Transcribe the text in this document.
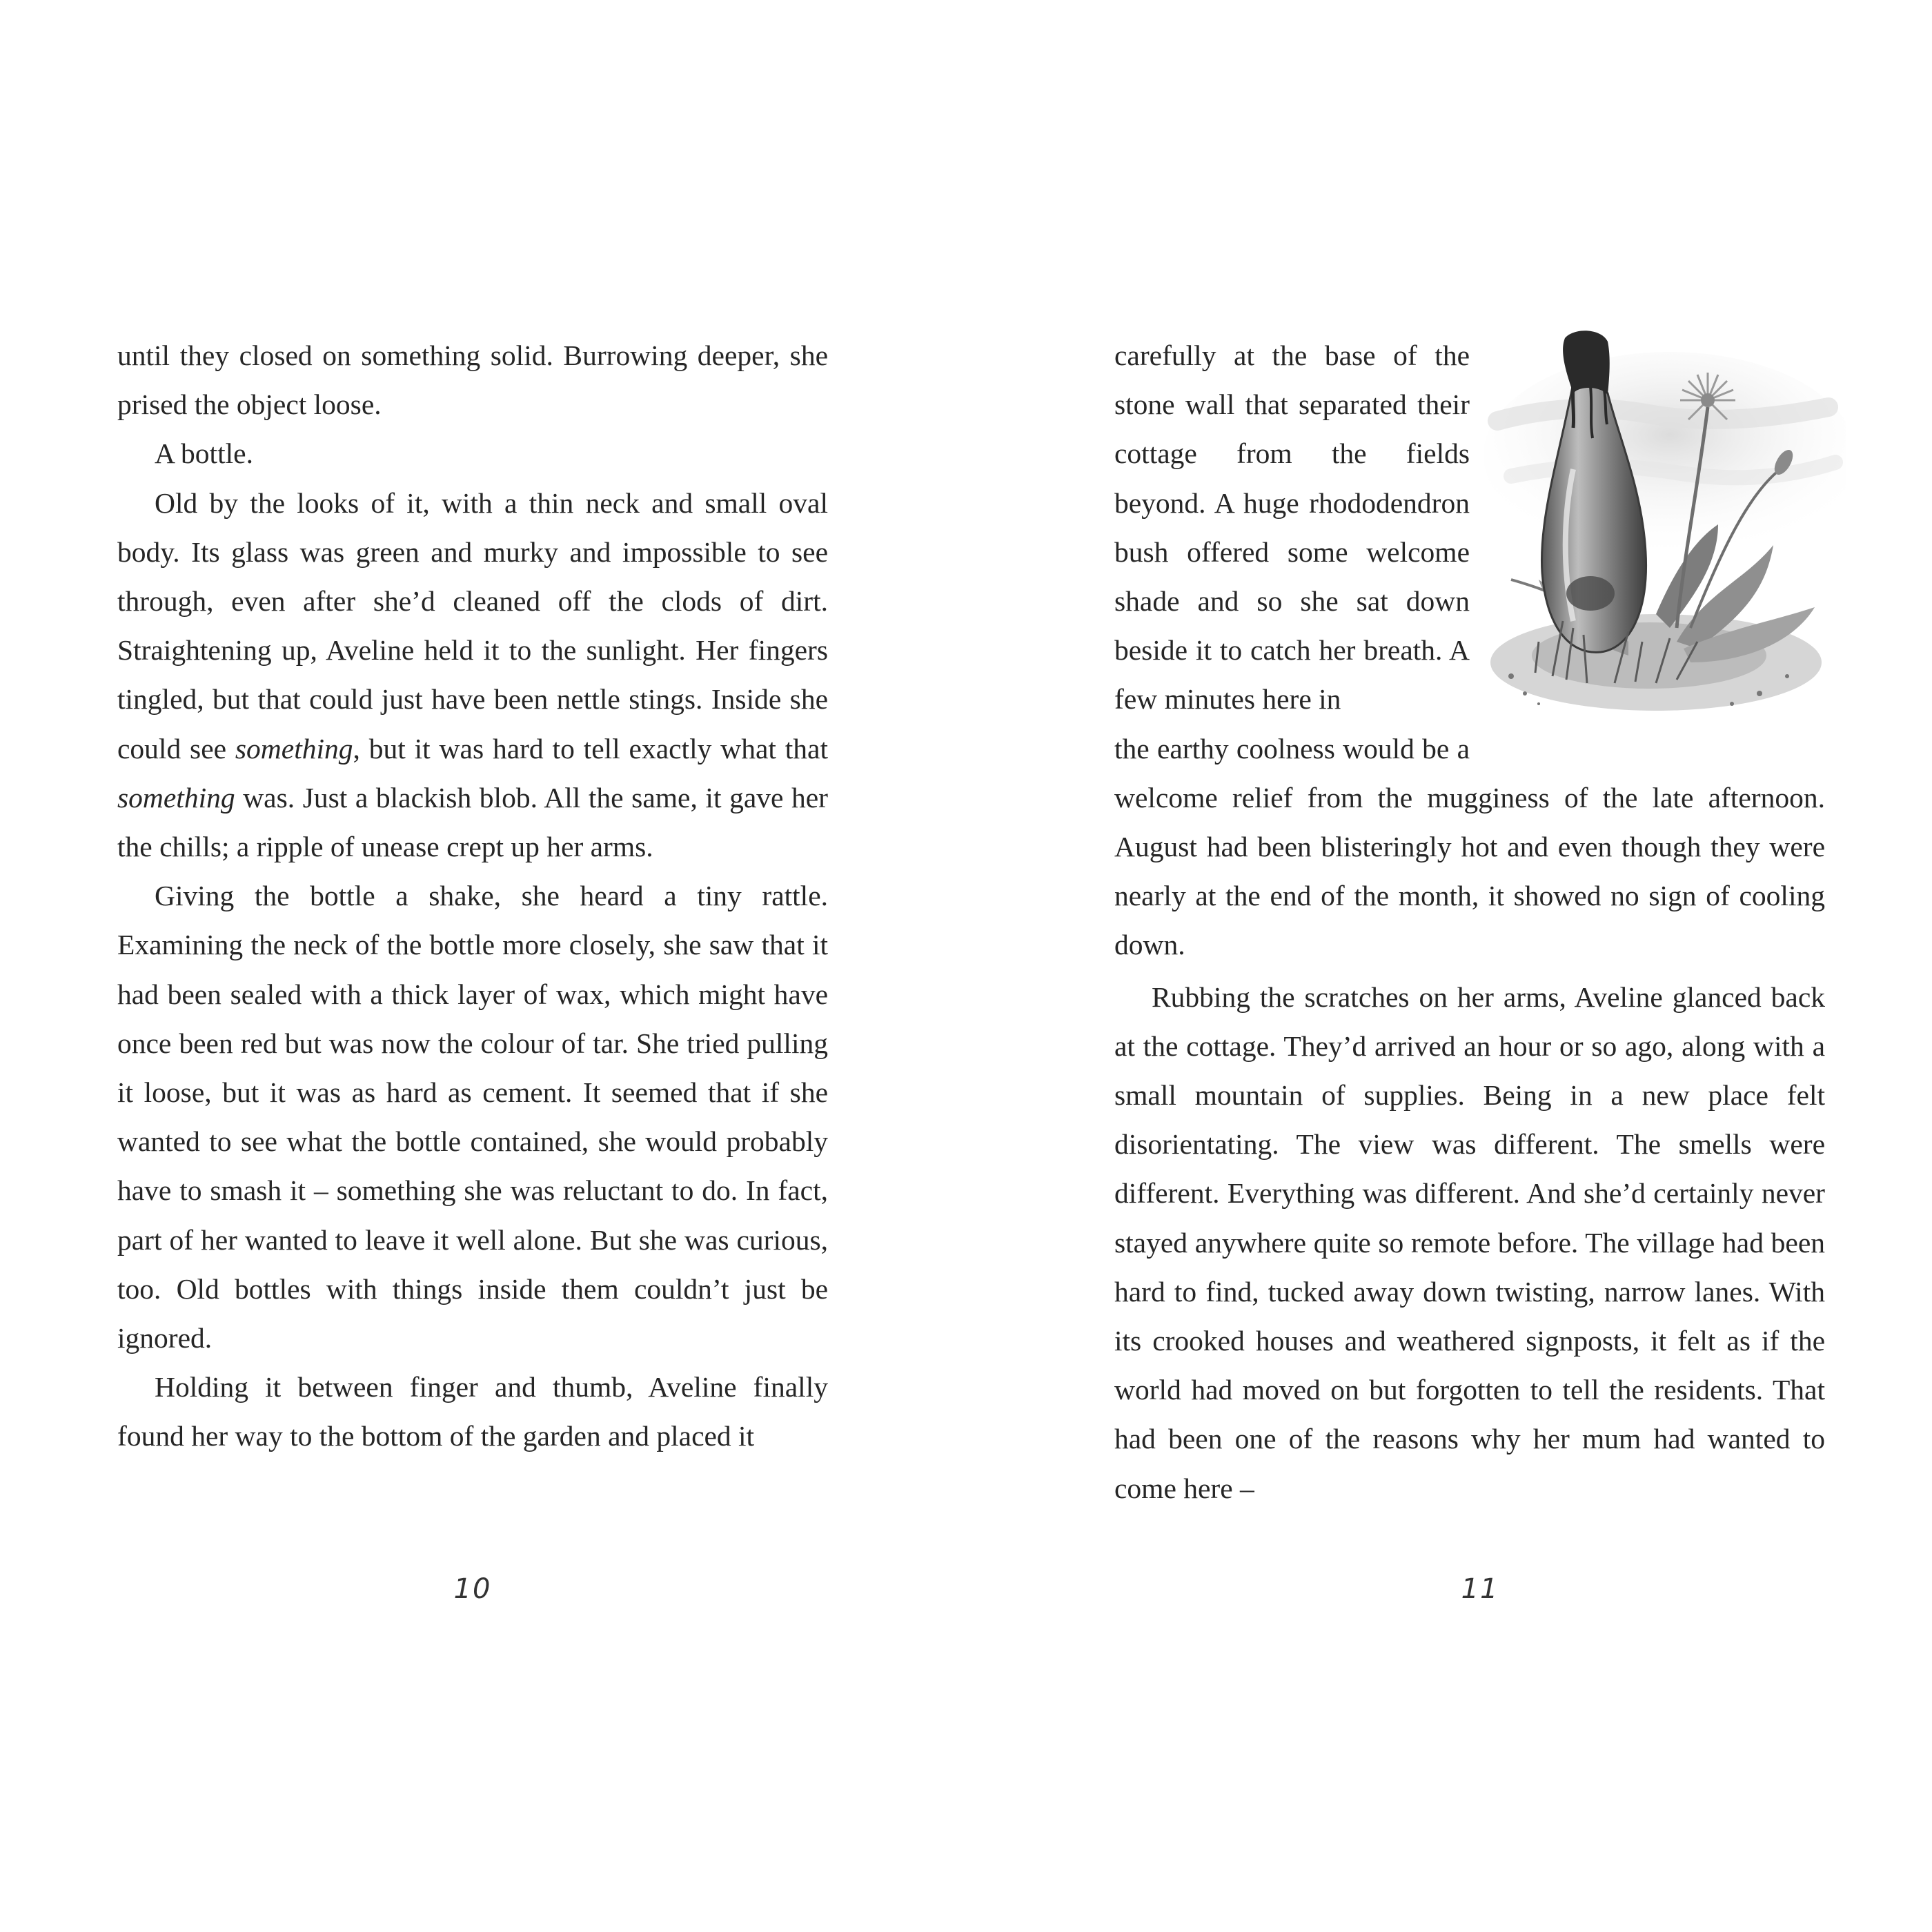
until they closed on something solid. Burrowing deeper, she prised the object loose.

A bottle.

Old by the looks of it, with a thin neck and small oval body. Its glass was green and murky and impossible to see through, even after she’d cleaned off the clods of dirt. Straightening up, Aveline held it to the sunlight. Her fingers tingled, but that could just have been nettle stings. Inside she could see something, but it was hard to tell exactly what that something was. Just a blackish blob. All the same, it gave her the chills; a ripple of unease crept up her arms.

Giving the bottle a shake, she heard a tiny rattle. Examining the neck of the bottle more closely, she saw that it had been sealed with a thick layer of wax, which might have once been red but was now the colour of tar. She tried pulling it loose, but it was as hard as cement. It seemed that if she wanted to see what the bottle contained, she would probably have to smash it – something she was reluctant to do. In fact, part of her wanted to leave it well alone. But she was curious, too. Old bottles with things inside them couldn’t just be ignored.

Holding it between finger and thumb, Aveline finally found her way to the bottom of the garden and placed it

10

carefully at the base of the stone wall that separated their cottage from the fields beyond. A huge rhododendron bush offered some welcome shade and so she sat down beside it to catch her breath. A few minutes here in

the earthy coolness would be a welcome relief from the mugginess of the late afternoon. August had been blisteringly hot and even though they were nearly at the end of the month, it showed no sign of cooling down.

Rubbing the scratches on her arms, Aveline glanced back at the cottage. They’d arrived an hour or so ago, along with a small mountain of supplies. Being in a new place felt disorientating. The view was different. The smells were different. Everything was different. And she’d certainly never stayed anywhere quite so remote before. The village had been hard to find, tucked away down twisting, narrow lanes. With its crooked houses and weathered signposts, it felt as if the world had moved on but forgotten to tell the residents. That had been one of the reasons why her mum had wanted to come here –

11
